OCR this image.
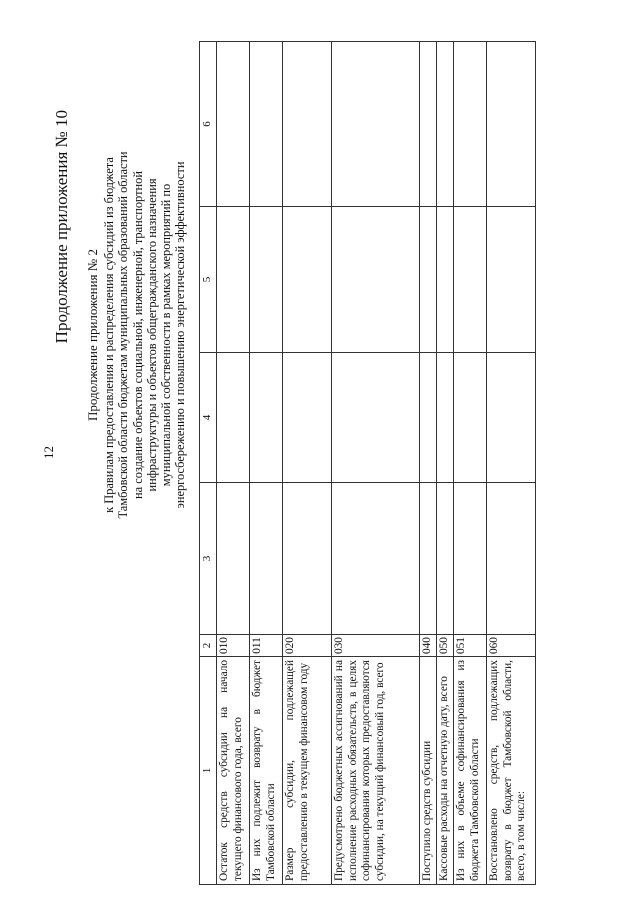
12
Продолжение приложения № 10 Продолжение приложения № 2 к Правилам предоставления и распределения субсидий из бюджета Тамбовской области бюджетам муниципальных образований области на создание объектов социальной, инженерной, транспортной инфраструктуры и объектов общегражданского назначения муниципальной собственности в рамках мероприятий по энергосбережению и повышению энергетической эффективности
1	2	3	4	5	6
Остаток средств субсидии на начало текущего финансового года, всего	010				
Из них подлежит возврату в бюджет Тамбовской области	011				
Размер субсидии, подлежащей предоставлению в текущем финансовом году	020				
Предусмотрено бюджетных ассигнований на исполнение расходных обязательств, в целях софинансирования которых предоставляются субсидии, на текущий финансовый год, всего	030				
Поступило средств субсидии	040				
Кассовые расходы на отчетную дату, всего	050				
Из них в объеме софинансирования из бюджета Тамбовской области	051				
Восстановлено средств, подлежащих возврату в бюджет Тамбовской области, всего, в том числе:	060				
